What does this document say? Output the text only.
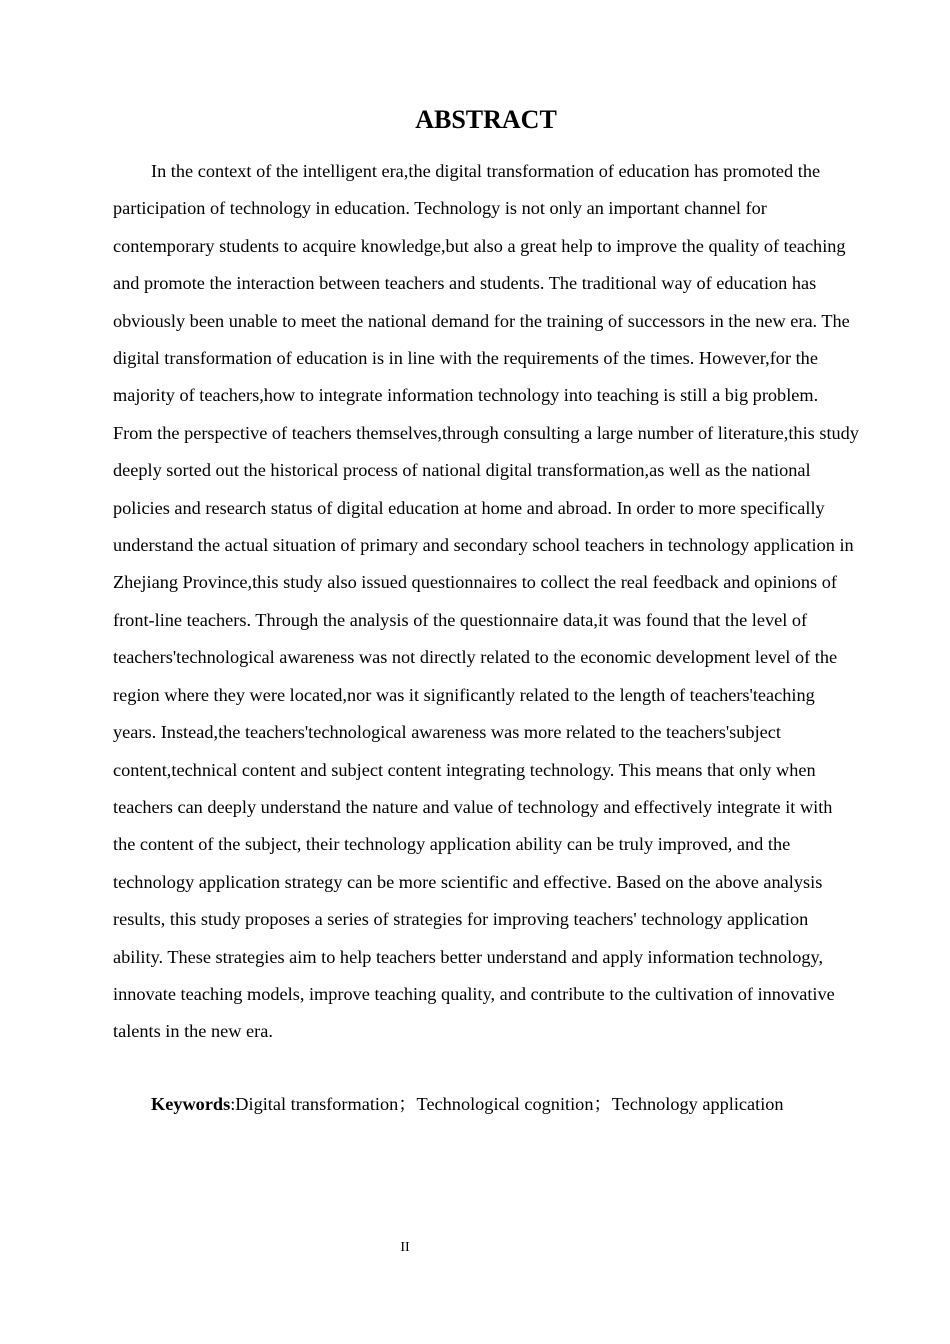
ABSTRACT

In the context of the intelligent era,the digital transformation of education has promoted the participation of technology in education. Technology is not only an important channel for contemporary students to acquire knowledge,but also a great help to improve the quality of teaching and promote the interaction between teachers and students. The traditional way of education has obviously been unable to meet the national demand for the training of successors in the new era. The digital transformation of education is in line with the requirements of the times. However,for the majority of teachers,how to integrate information technology into teaching is still a big problem. From the perspective of teachers themselves,through consulting a large number of literature,this study deeply sorted out the historical process of national digital transformation,as well as the national policies and research status of digital education at home and abroad. In order to more specifically understand the actual situation of primary and secondary school teachers in technology application in Zhejiang Province,this study also issued questionnaires to collect the real feedback and opinions of front-line teachers. Through the analysis of the questionnaire data,it was found that the level of teachers'technological awareness was not directly related to the economic development level of the region where they were located,nor was it significantly related to the length of teachers'teaching years. Instead,the teachers'technological awareness was more related to the teachers'subject content,technical content and subject content integrating technology. This means that only when teachers can deeply understand the nature and value of technology and effectively integrate it with the content of the subject, their technology application ability can be truly improved, and the technology application strategy can be more scientific and effective. Based on the above analysis results, this study proposes a series of strategies for improving teachers' technology application ability. These strategies aim to help teachers better understand and apply information technology, innovate teaching models, improve teaching quality, and contribute to the cultivation of innovative talents in the new era.

Keywords:Digital transformation；Technological cognition；Technology application

II
